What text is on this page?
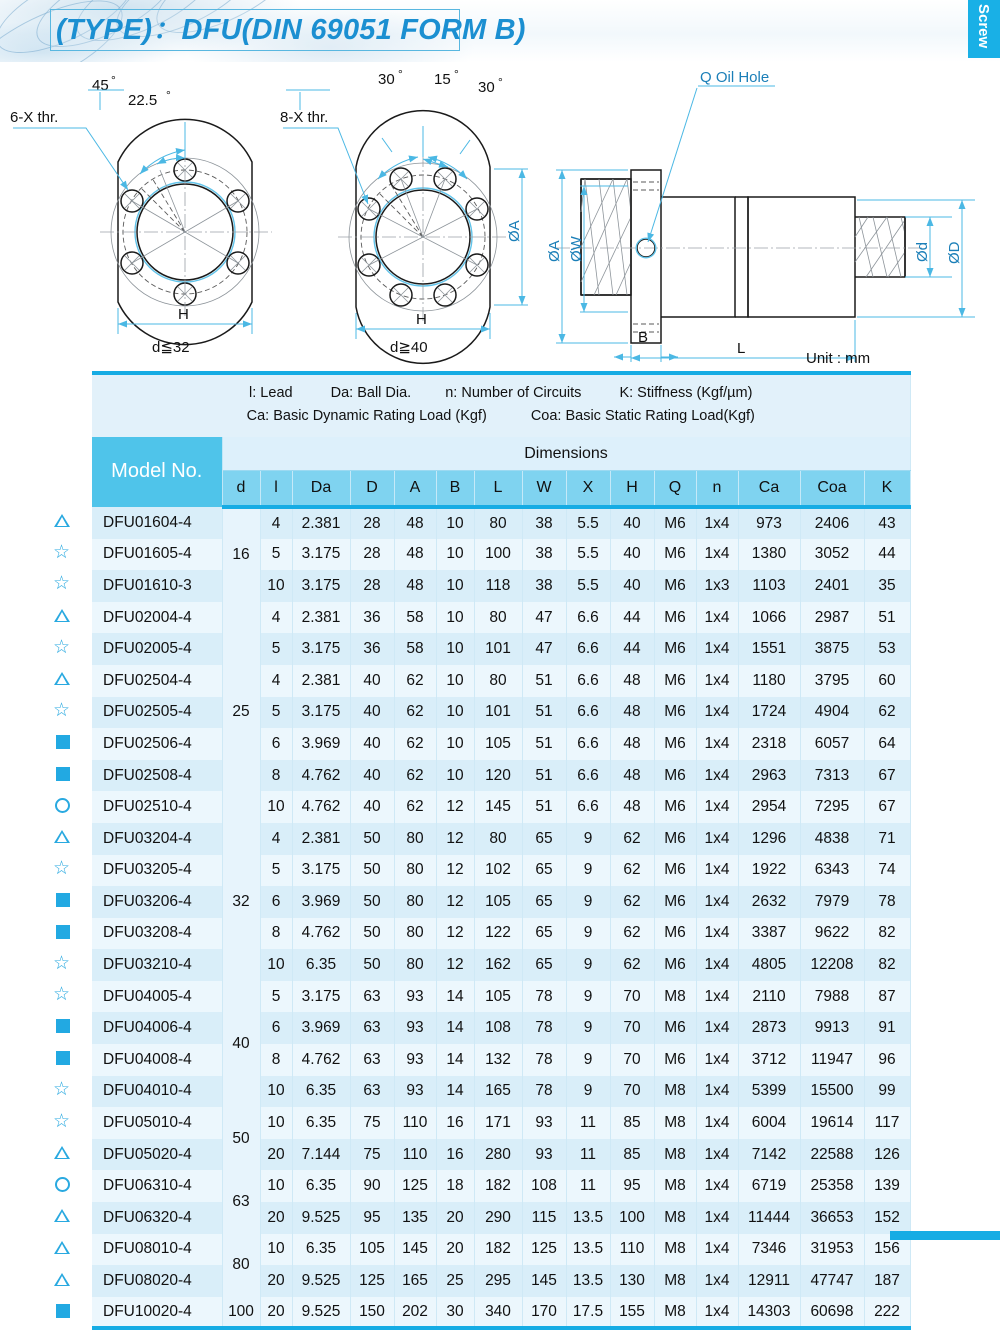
(TYPE)：DFU(DIN 69051 FORM B)	Screw
45 °
22.5 °
6-X thr.
H
d≦32
30 ° 15 °
30 °
8-X thr.
H
d≧40
ØA
Q Oil Hole
ØA ØW	Ød ØD
B
L
Unit : mm
☆
☆
☆
☆
☆
☆
☆
☆
☆
l: Lead Da: Ball Dia. n: Number of Circuits K: Stiffness (Kgf/µm)
Ca: Basic Dynamic Rating Load (Kgf) Coa: Basic Static Rating Load(Kgf)															

Model No.	Dimensions														
	d	l	Da	D	A	B	L	W	X	H	Q	n	Ca	Coa	K
DFU01604-4	16	4	2.381	28	48	10	80	38	5.5	40	M6	1x4	973	2406	43
DFU01605-4		5	3.175	28	48	10	100	38	5.5	40	M6	1x4	1380	3052	44
DFU01610-3		10	3.175	28	48	10	118	38	5.5	40	M6	1x3	1103	2401	35
DFU02004-4	25	4	2.381	36	58	10	80	47	6.6	44	M6	1x4	1066	2987	51
DFU02005-4		5	3.175	36	58	10	101	47	6.6	44	M6	1x4	1551	3875	53
DFU02504-4		4	2.381	40	62	10	80	51	6.6	48	M6	1x4	1180	3795	60
DFU02505-4		5	3.175	40	62	10	101	51	6.6	48	M6	1x4	1724	4904	62
DFU02506-4		6	3.969	40	62	10	105	51	6.6	48	M6	1x4	2318	6057	64
DFU02508-4		8	4.762	40	62	10	120	51	6.6	48	M6	1x4	2963	7313	67
DFU02510-4		10	4.762	40	62	12	145	51	6.6	48	M6	1x4	2954	7295	67
DFU03204-4	32	4	2.381	50	80	12	80	65	9	62	M6	1x4	1296	4838	71
DFU03205-4		5	3.175	50	80	12	102	65	9	62	M6	1x4	1922	6343	74
DFU03206-4		6	3.969	50	80	12	105	65	9	62	M6	1x4	2632	7979	78
DFU03208-4		8	4.762	50	80	12	122	65	9	62	M6	1x4	3387	9622	82
DFU03210-4		10	6.35	50	80	12	162	65	9	62	M6	1x4	4805	12208	82
DFU04005-4	40	5	3.175	63	93	14	105	78	9	70	M8	1x4	2110	7988	87
DFU04006-4		6	3.969	63	93	14	108	78	9	70	M6	1x4	2873	9913	91
DFU04008-4		8	4.762	63	93	14	132	78	9	70	M6	1x4	3712	11947	96
DFU04010-4		10	6.35	63	93	14	165	78	9	70	M8	1x4	5399	15500	99
DFU05010-4	50	10	6.35	75	110	16	171	93	11	85	M8	1x4	6004	19614	117
DFU05020-4		20	7.144	75	110	16	280	93	11	85	M8	1x4	7142	22588	126
DFU06310-4	63	10	6.35	90	125	18	182	108	11	95	M8	1x4	6719	25358	139
DFU06320-4		20	9.525	95	135	20	290	115	13.5	100	M8	1x4	11444	36653	152
DFU08010-4	80	10	6.35	105	145	20	182	125	13.5	110	M8	1x4	7346	31953	156
DFU08020-4		20	9.525	125	165	25	295	145	13.5	130	M8	1x4	12911	47747	187
DFU10020-4	100	20	9.525	150	202	30	340	170	17.5	155	M8	1x4	14303	60698	222
